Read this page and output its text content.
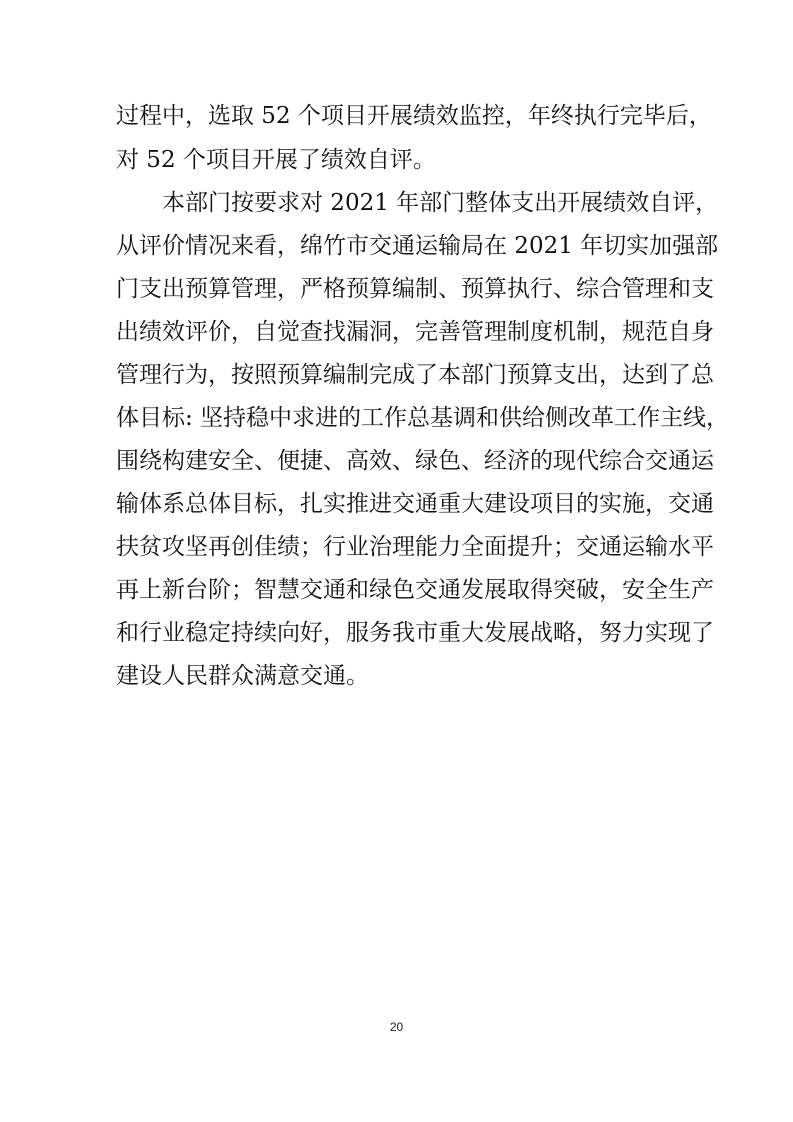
过程中，选取 52 个项目开展绩效监控，年终执行完毕后，
对 52 个项目开展了绩效自评。
本部门按要求对 2021 年部门整体支出开展绩效自评，
从评价情况来看，绵竹市交通运输局在 2021 年切实加强部
门支出预算管理，严格预算编制、预算执行、综合管理和支
出绩效评价，自觉查找漏洞，完善管理制度机制，规范自身
管理行为，按照预算编制完成了本部门预算支出，达到了总
体目标: 坚持稳中求进的工作总基调和供给侧改革工作主线，
围绕构建安全、便捷、高效、绿色、经济的现代综合交通运
输体系总体目标，扎实推进交通重大建设项目的实施，交通
扶贫攻坚再创佳绩；行业治理能力全面提升；交通运输水平
再上新台阶；智慧交通和绿色交通发展取得突破，安全生产
和行业稳定持续向好，服务我市重大发展战略，努力实现了
建设人民群众满意交通。
20
